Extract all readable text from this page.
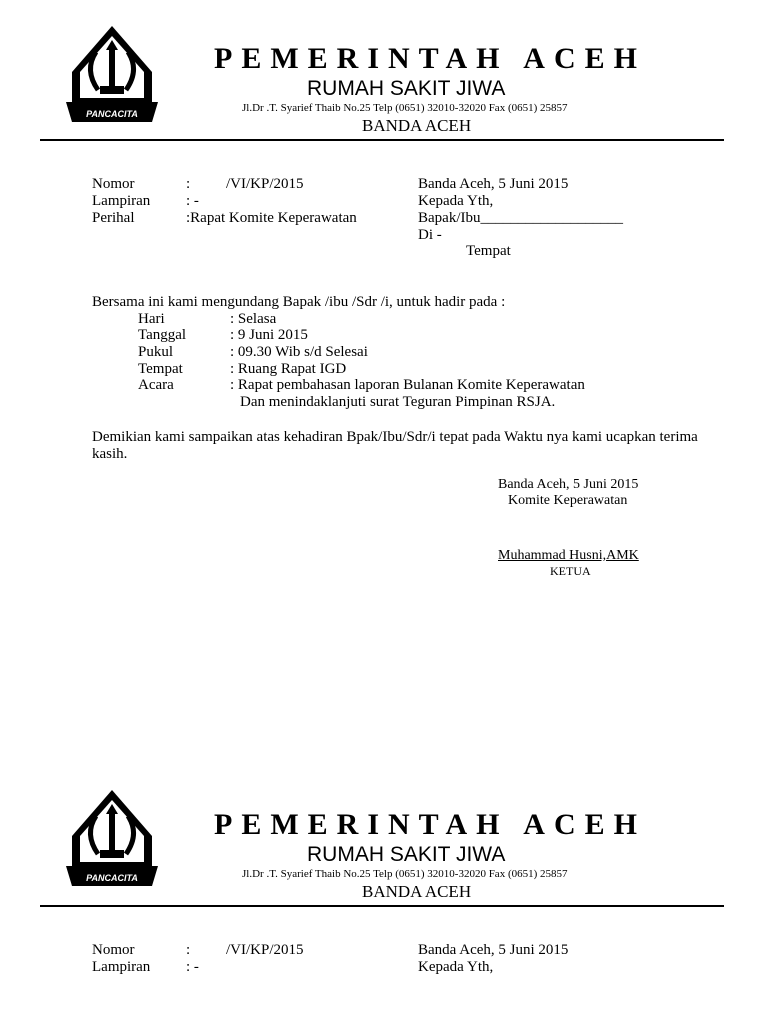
PANCACITA
PEMERINTAH ACEH
RUMAH SAKIT JIWA
Jl.Dr .T. Syarief Thaib No.25 Telp (0651) 32010-32020 Fax (0651) 25857
BANDA ACEH
Nomor	: /VI/KP/2015
Lampiran : -
Perihal	:Rapat Komite Keperawatan
Banda Aceh, 5 Juni 2015
Kepada Yth,
Bapak/Ibu___________________
Di -
Tempat
Bersama ini kami mengundang Bapak /ibu /Sdr /i, untuk hadir pada :
Hari	: Selasa
Tanggal	: 9 Juni 2015
Pukul	: 09.30 Wib s/d Selesai
Tempat	: Ruang Rapat IGD
Acara	: Rapat pembahasan laporan Bulanan Komite Keperawatan
Dan menindaklanjuti surat Teguran Pimpinan RSJA.
Demikian kami sampaikan atas kehadiran Bpak/Ibu/Sdr/i tepat pada Waktu nya kami ucapkan terima
kasih.
Banda Aceh, 5 Juni 2015
Komite Keperawatan
Muhammad Husni,AMK
KETUA
PANCACITA
PEMERINTAH ACEH
RUMAH SAKIT JIWA
Jl.Dr .T. Syarief Thaib No.25 Telp (0651) 32010-32020 Fax (0651) 25857
BANDA ACEH
Nomor	: /VI/KP/2015
Lampiran : -
Banda Aceh, 5 Juni 2015
Kepada Yth,
